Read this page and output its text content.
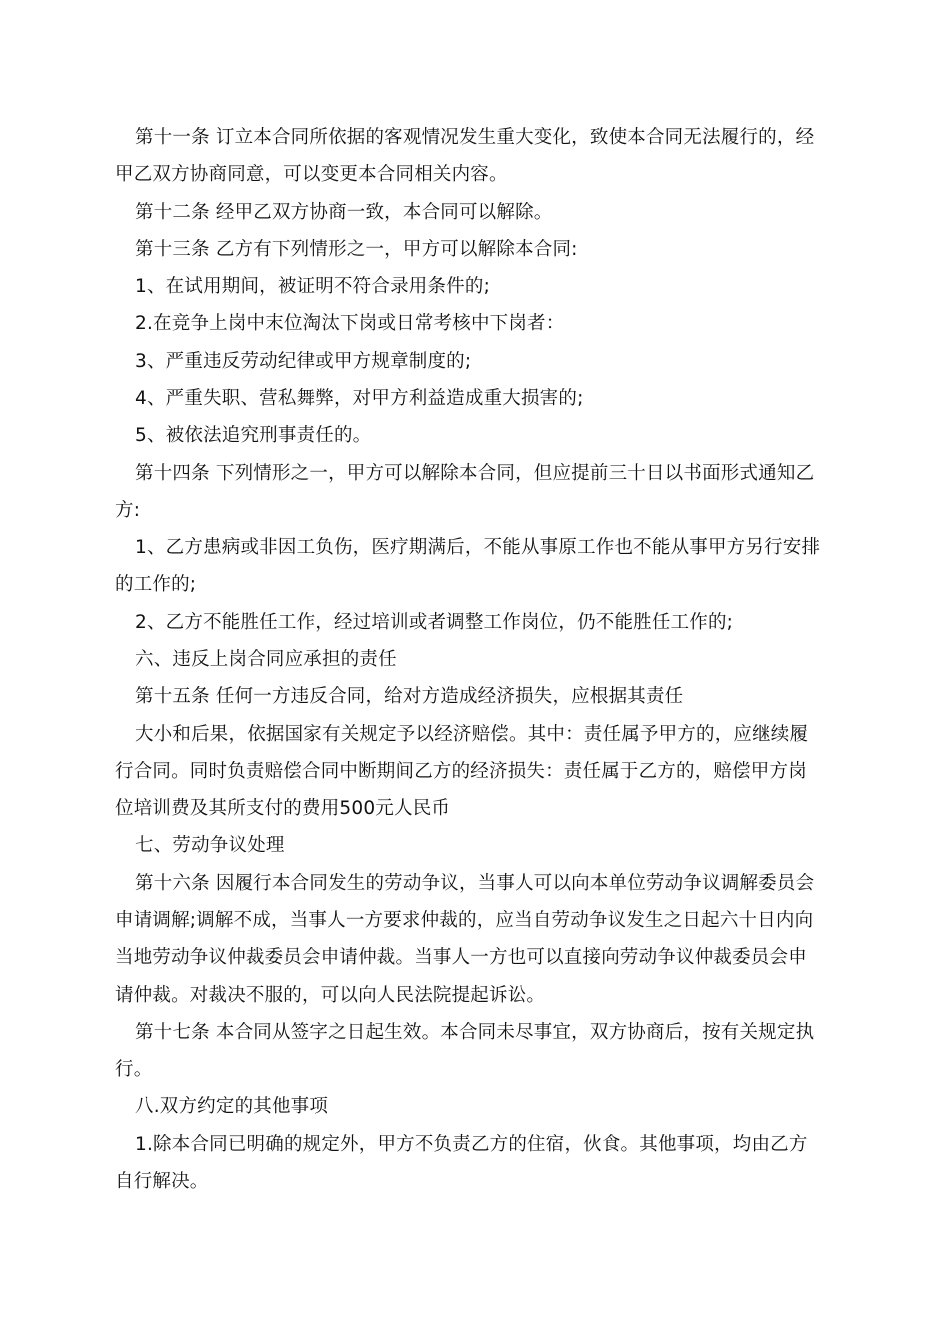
第十一条 订立本合同所依据的客观情况发生重大变化，致使本合同无法履行的，经
甲乙双方协商同意，可以变更本合同相关内容。
第十二条 经甲乙双方协商一致，本合同可以解除。
第十三条 乙方有下列情形之一，甲方可以解除本合同:
1、在试用期间，被证明不符合录用条件的;
2.在竞争上岗中末位淘汰下岗或日常考核中下岗者：
3、严重违反劳动纪律或甲方规章制度的;
4、严重失职、营私舞弊，对甲方利益造成重大损害的;
5、被依法追究刑事责任的。
第十四条 下列情形之一，甲方可以解除本合同，但应提前三十日以书面形式通知乙
方:
1、乙方患病或非因工负伤，医疗期满后，不能从事原工作也不能从事甲方另行安排
的工作的;
2、乙方不能胜任工作，经过培训或者调整工作岗位，仍不能胜任工作的;
六、违反上岗合同应承担的责任
第十五条 任何一方违反合同，给对方造成经济损失，应根据其责任
大小和后果，依据国家有关规定予以经济赔偿。其中：责任属予甲方的，应继续履
行合同。同时负责赔偿合同中断期间乙方的经济损失：责任属于乙方的，赔偿甲方岗
位培训费及其所支付的费用500元人民币
七、劳动争议处理
第十六条 因履行本合同发生的劳动争议，当事人可以向本单位劳动争议调解委员会
申请调解;调解不成，当事人一方要求仲裁的，应当自劳动争议发生之日起六十日内向
当地劳动争议仲裁委员会申请仲裁。当事人一方也可以直接向劳动争议仲裁委员会申
请仲裁。对裁决不服的，可以向人民法院提起诉讼。
第十七条 本合同从签字之日起生效。本合同未尽事宜，双方协商后，按有关规定执
行。
八.双方约定的其他事项
1.除本合同已明确的规定外，甲方不负责乙方的住宿，伙食。其他事项，均由乙方
自行解决。
